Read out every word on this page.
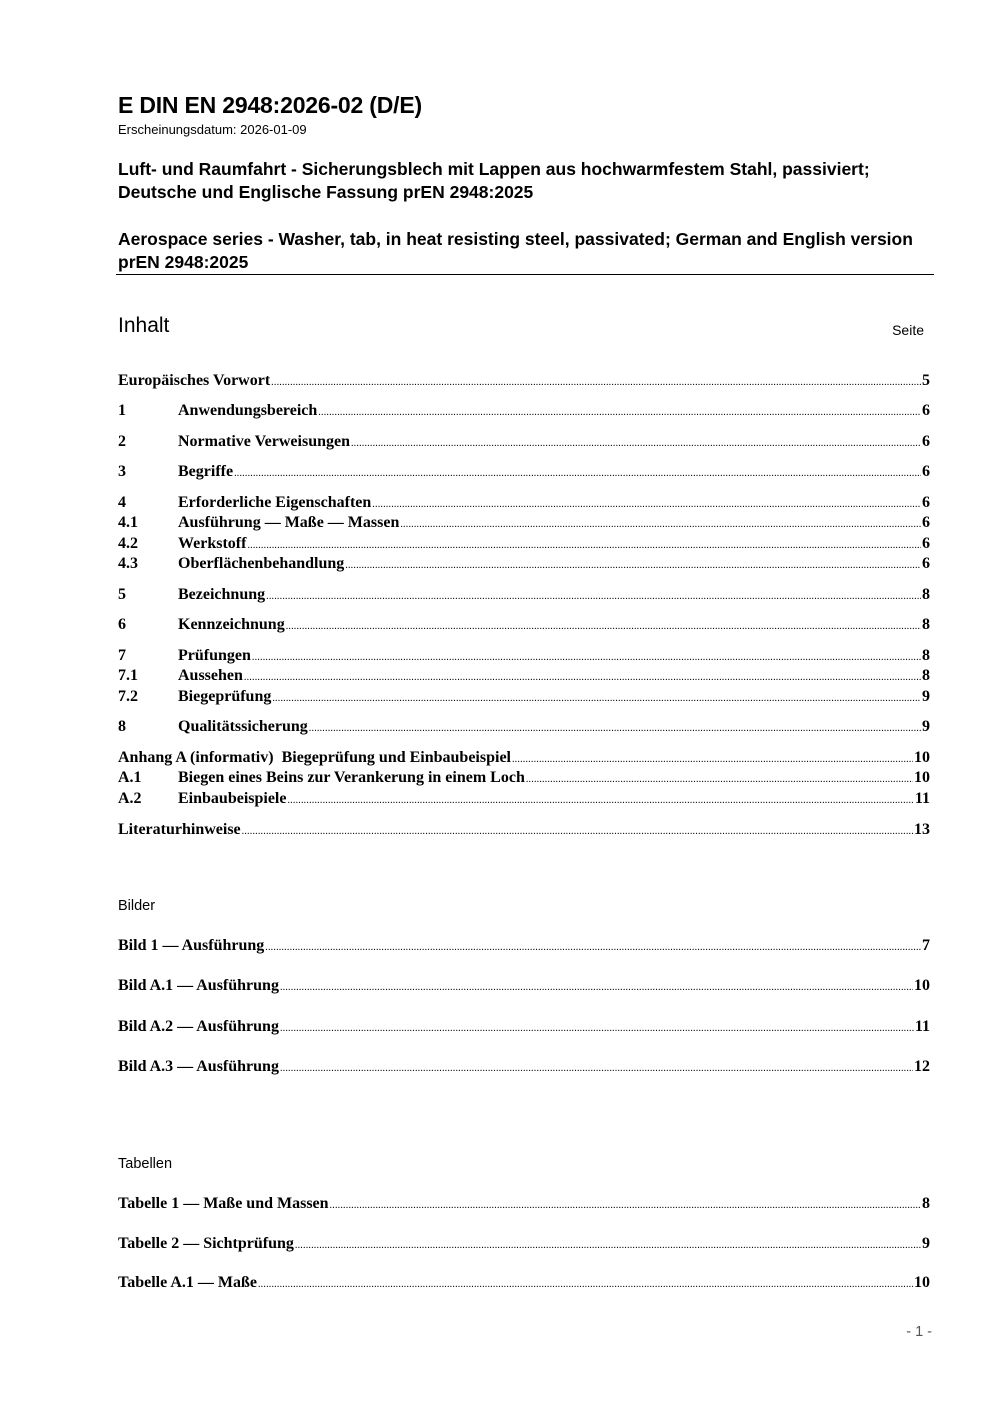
E DIN EN 2948:2026-02 (D/E)
Erscheinungsdatum: 2026-01-09
Luft- und Raumfahrt - Sicherungsblech mit Lappen aus hochwarmfestem Stahl, passiviert; Deutsche und Englische Fassung prEN 2948:2025
Aerospace series - Washer, tab, in heat resisting steel, passivated; German and English version prEN 2948:2025
Inhalt	Seite
Europäisches Vorwort .....	5
1	Anwendungsbereich .....	6
2	Normative Verweisungen .....	6
3	Begriffe .....	6
4	Erforderliche Eigenschaften .....	6
4.1	Ausführung — Maße — Massen .....	6
4.2	Werkstoff .....	6
4.3	Oberflächenbehandlung .....	6
5	Bezeichnung .....	8
6	Kennzeichnung .....	8
7	Prüfungen .....	8
7.1	Aussehen .....	8
7.2	Biegeprüfung .....	9
8	Qualitätssicherung .....	9
Anhang A (informativ)  Biegeprüfung und Einbaubeispiel .....	10
A.1	Biegen eines Beins zur Verankerung in einem Loch .....	10
A.2	Einbaubeispiele .....	11
Literaturhinweise .....	13
Bilder
Bild 1 — Ausführung .....	7
Bild A.1 — Ausführung .....	10
Bild A.2 — Ausführung .....	11
Bild A.3 — Ausführung .....	12
Tabellen
Tabelle 1 — Maße und Massen .....	8
Tabelle 2 — Sichtprüfung .....	9
Tabelle A.1 — Maße .....	10
- 1 -
